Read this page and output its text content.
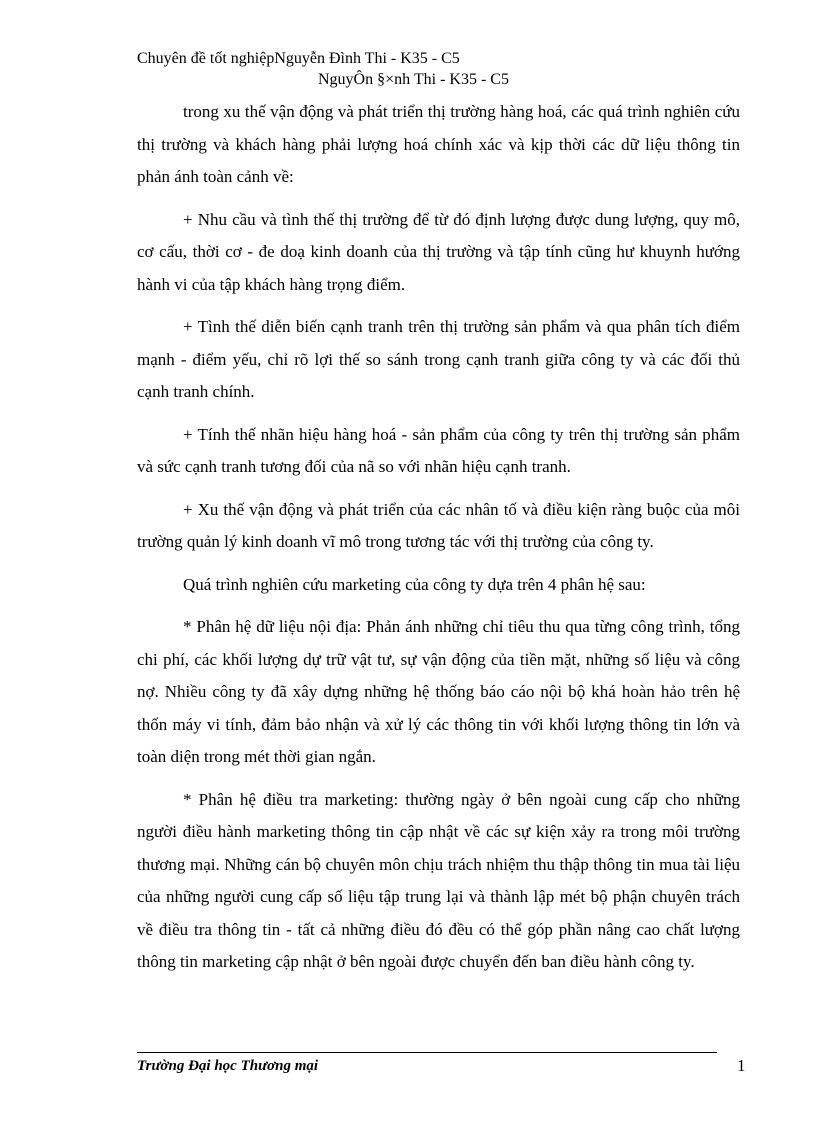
Chuyên đề tốt nghiệpNguyễn Đình Thi - K35 - C5
NguyÔn §×nh Thi - K35 - C5

trong xu thế vận động và phát triển thị trường hàng hoá, các quá trình nghiên cứu thị trường và khách hàng phải lượng hoá chính xác và kịp thời các dữ liệu thông tin phản ánh toàn cảnh về:

+ Nhu cầu và tình thế thị trường để từ đó định lượng được dung lượng, quy mô, cơ cấu, thời cơ - đe doạ kinh doanh của thị trường và tập tính cũng hư khuynh hướng hành vi của tập khách hàng trọng điểm.

+ Tình thế diễn biến cạnh tranh trên thị trường sản phẩm và qua phân tích điểm mạnh - điểm yếu, chỉ rõ lợi thế so sánh trong cạnh tranh giữa công ty và các đối thủ cạnh tranh chính.

+ Tính thế nhãn hiệu hàng hoá - sản phẩm của công ty trên thị trường sản phẩm và sức cạnh tranh tương đối của nã so với nhãn hiệu cạnh tranh.

+ Xu thế vận động và phát triển của các nhân tố và điều kiện ràng buộc của môi trường quản lý kinh doanh vĩ mô trong tương tác với thị trường của công ty.

Quá trình nghiên cứu marketing của công ty dựa trên 4 phân hệ sau:

* Phân hệ dữ liệu nội địa: Phản ánh những chỉ tiêu thu qua từng công trình, tổng chi phí, các khối lượng dự trữ vật tư, sự vận động của tiền mặt, những số liệu và công nợ. Nhiều công ty đã xây dựng những hệ thống báo cáo nội bộ khá hoàn hảo trên hệ thốn máy vi tính, đảm bảo nhận và xử lý các thông tin với khối lượng thông tin lớn và toàn diện trong mét thời gian ngắn.

* Phân hệ điều tra marketing: thường ngày ở bên ngoài cung cấp cho những người điều hành marketing thông tin cập nhật về các sự kiện xảy ra trong môi trường thương mại. Những cán bộ chuyên môn chịu trách nhiệm thu thập thông tin mua tài liệu của những người cung cấp số liệu tập trung lại và thành lập mét bộ phận chuyên trách về điều tra thông tin - tất cả những điều đó đều có thể góp phần nâng cao chất lượng thông tin marketing cập nhật ở bên ngoài được chuyển đến ban điều hành công ty.

Trường Đại học Thương mại	1
